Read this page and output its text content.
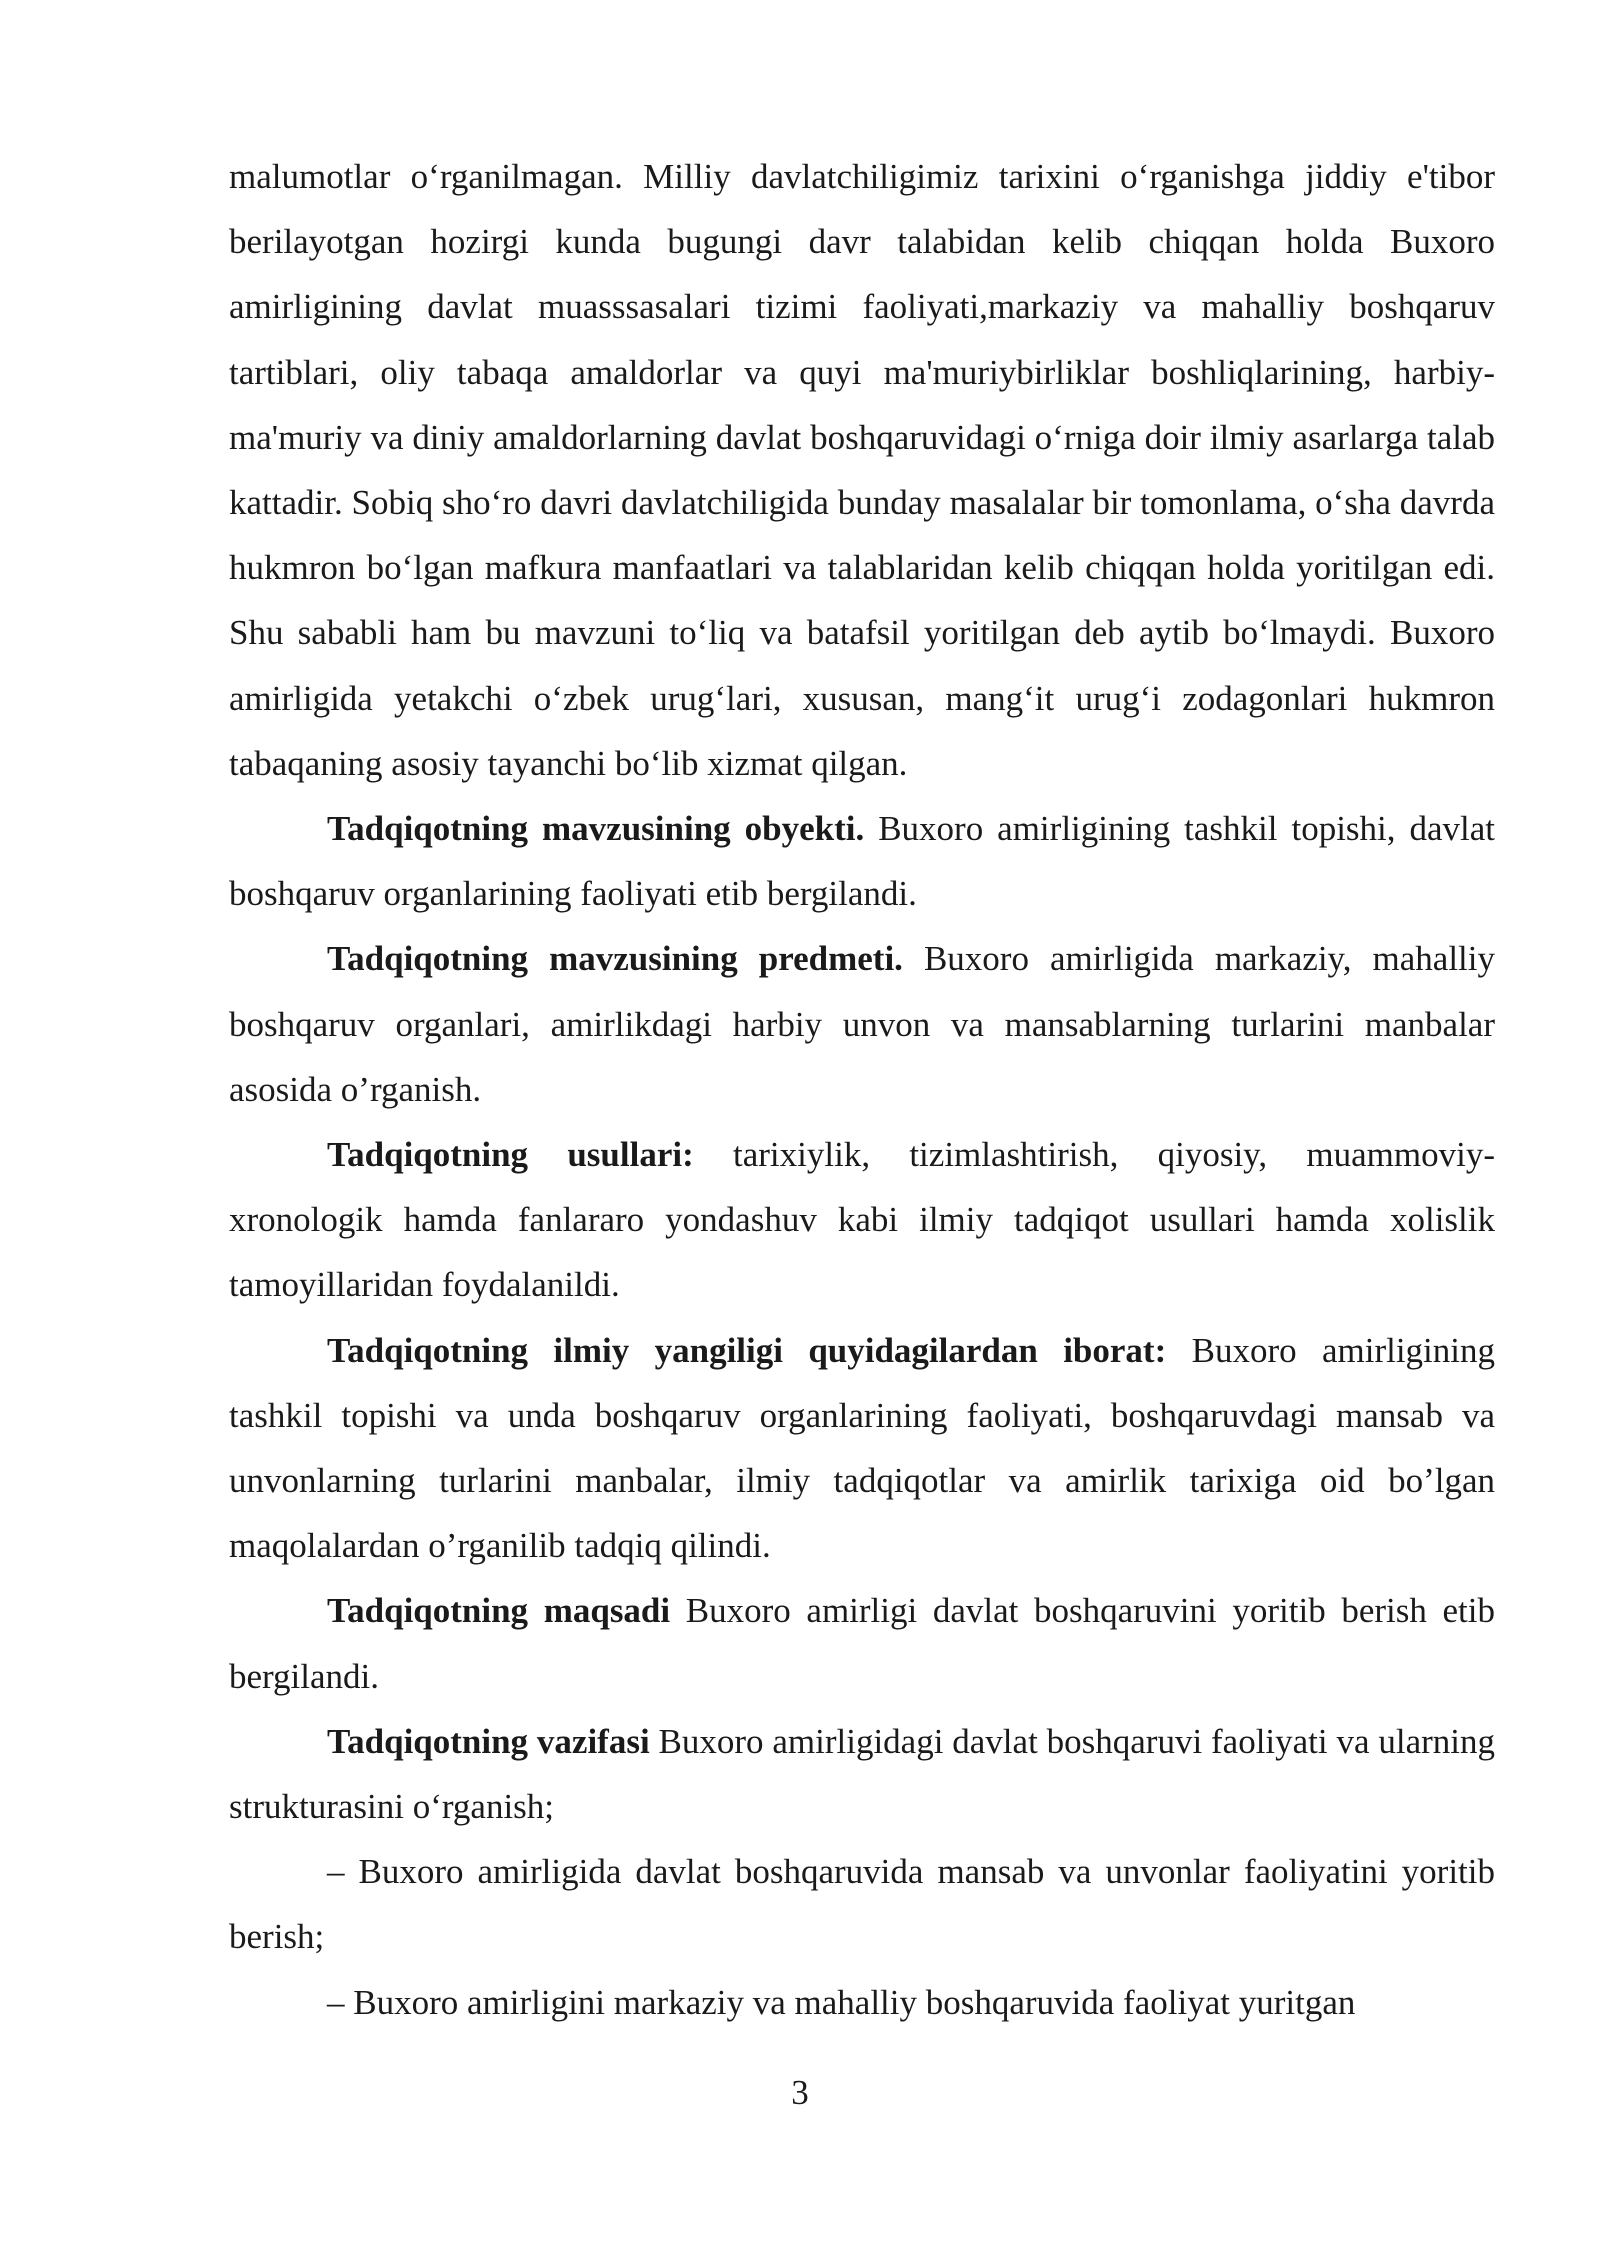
malumotlar o‘rganilmagan. Milliy davlatchiligimiz tarixini o‘rganishga jiddiy e'tibor berilayotgan hozirgi kunda bugungi davr talabidan kelib chiqqan holda Buxoro amirligining davlat muasssasalari tizimi faoliyati,markaziy va mahalliy boshqaruv tartiblari, oliy tabaqa amaldorlar va quyi ma'muriybirliklar boshliqlarining, harbiy-ma'muriy va diniy amaldorlarning davlat boshqaruvidagi o‘rniga doir ilmiy asarlarga talab kattadir. Sobiq sho‘ro davri davlatchiligida bunday masalalar bir tomonlama, o‘sha davrda hukmron bo‘lgan mafkura manfaatlari va talablaridan kelib chiqqan holda yoritilgan edi. Shu sababli ham bu mavzuni to‘liq va batafsil yoritilgan deb aytib bo‘lmaydi. Buxoro amirligida yetakchi o‘zbek urug‘lari, xususan, mang‘it urug‘i zodagonlari hukmron tabaqaning asosiy tayanchi bo‘lib xizmat qilgan.

Tadqiqotning mavzusining obyekti. Buxoro amirligining tashkil topishi, davlat boshqaruv organlarining faoliyati etib bergilandi.

Tadqiqotning mavzusining predmeti. Buxoro amirligida markaziy, mahalliy boshqaruv organlari, amirlikdagi harbiy unvon va mansablarning turlarini manbalar asosida o’rganish.

Tadqiqotning usullari: tarixiylik, tizimlashtirish, qiyosiy, muammoviy-xronologik hamda fanlararo yondashuv kabi ilmiy tadqiqot usullari hamda xolislik tamoyillaridan foydalanildi.

Tadqiqotning ilmiy yangiligi quyidagilardan iborat: Buxoro amirligining tashkil topishi va unda boshqaruv organlarining faoliyati, boshqaruvdagi mansab va unvonlarning turlarini manbalar, ilmiy tadqiqotlar va amirlik tarixiga oid bo’lgan maqolalardan o’rganilib tadqiq qilindi.

Tadqiqotning maqsadi Buxoro amirligi davlat boshqaruvini yoritib berish etib bergilandi.

Tadqiqotning vazifasi Buxoro amirligidagi davlat boshqaruvi faoliyati va ularning strukturasini o‘rganish;

– Buxoro amirligida davlat boshqaruvida mansab va unvonlar faoliyatini yoritib berish;

– Buxoro amirligini markaziy va mahalliy boshqaruvida faoliyat yuritgan

3
